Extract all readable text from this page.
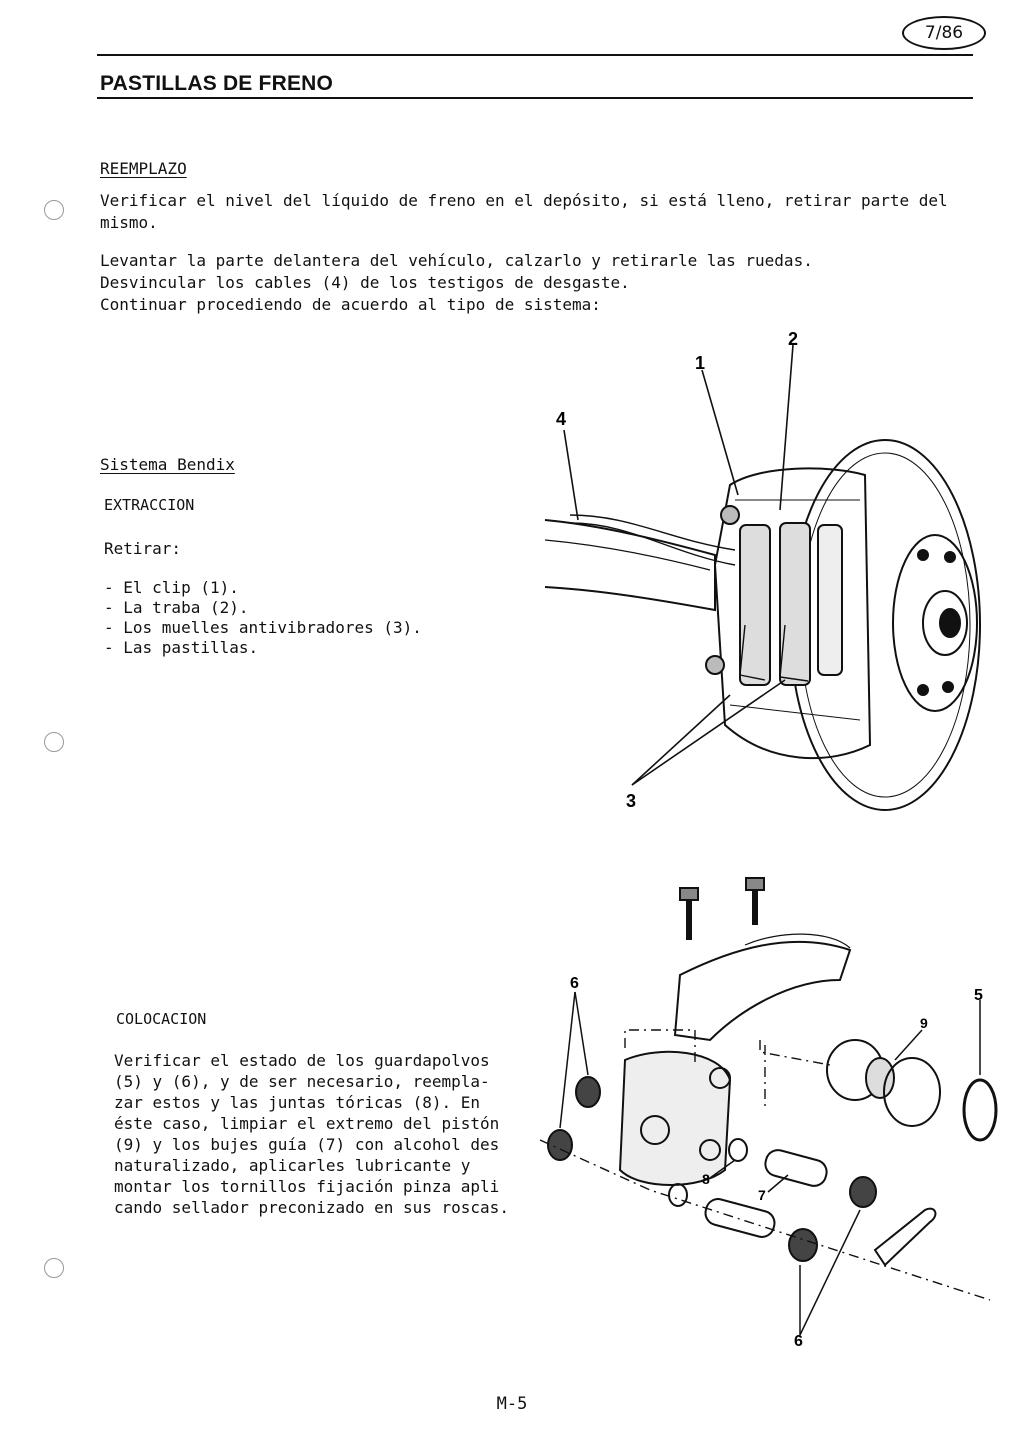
7/86
PASTILLAS DE FRENO
REEMPLAZO
Verificar el nivel del líquido de freno en el depósito, si está lleno, retirar parte del mismo.
Levantar la parte delantera del vehículo, calzarlo y retirarle las ruedas.
Desvincular los cables (4) de los testigos de desgaste.
Continuar procediendo de acuerdo al tipo de sistema:
Sistema Bendix
EXTRACCION
Retirar:
- El clip (1).
- La traba (2).
- Los muelles antivibradores (3).
- Las pastillas.
1
2
4
3
COLOCACION
Verificar el estado de los guardapolvos
(5) y (6), y de ser necesario, reempla-
zar estos y las juntas tóricas (8). En
éste caso, limpiar el extremo del pistón
(9) y los bujes guía (7) con alcohol des
naturalizado, aplicarles lubricante y
montar los tornillos fijación pinza apli
cando sellador preconizado en sus roscas.
6
5
9
7
8
6
M-5
